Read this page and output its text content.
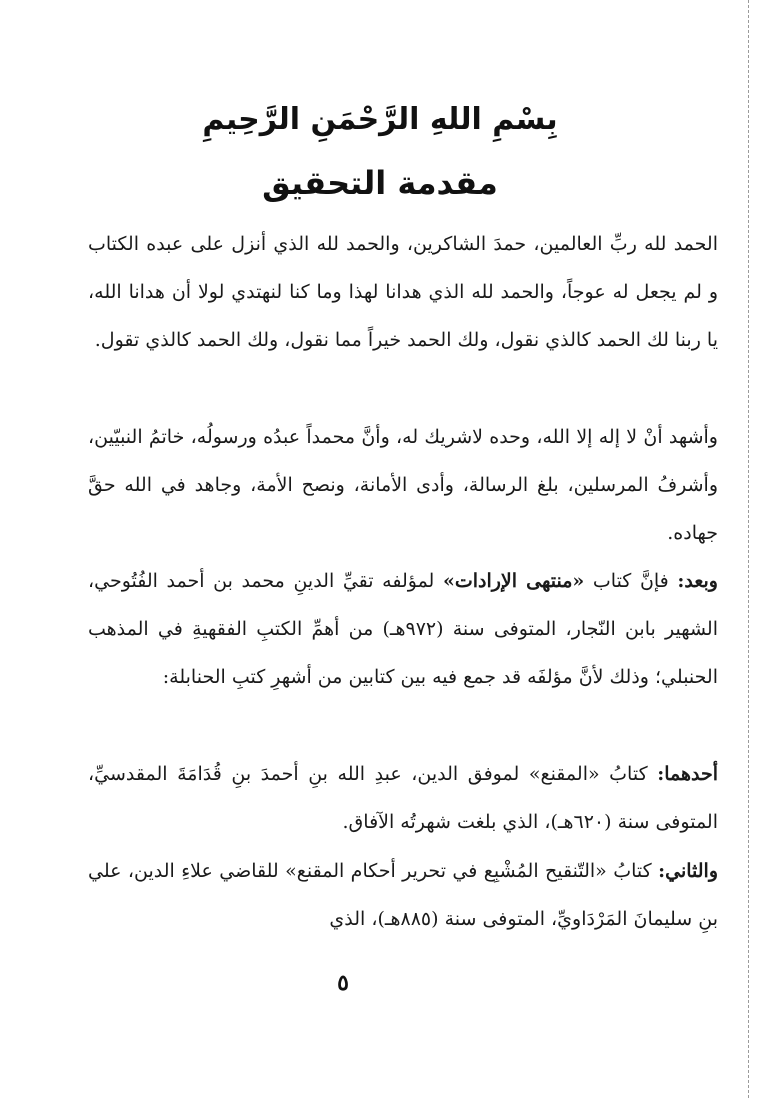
بِسْمِ اللهِ الرَّحْمَنِ الرَّحِيمِ
مقدمة التحقيق

الحمد لله ربِّ العالمين، حمدَ الشاكرين، والحمد لله الذي أنزل على عبده الكتاب و لم يجعل له عوجاً، والحمد لله الذي هدانا لهذا وما كنا لنهتدي لولا أن هدانا الله، يا ربنا لك الحمد كالذي نقول، ولك الحمد خيراً مما نقول، ولك الحمد كالذي تقول.

وأشهد أنْ لا إله إلا الله، وحده لاشريك له، وأنَّ محمداً عبدُه ورسولُه، خاتمُ النبيّين، وأشرفُ المرسلين، بلغ الرسالة، وأدى الأمانة، ونصح الأمة، وجاهد في الله حقَّ جهاده.

وبعد: فإنَّ كتاب «منتهى الإرادات» لمؤلفه تقيِّ الدينِ محمد بن أحمد الفُتُوحي، الشهير بابن النّجار، المتوفى سنة (٩٧٢هـ) من أهمِّ الكتبِ الفقهيةِ في المذهب الحنبلي؛ وذلك لأنَّ مؤلفَه قد جمع فيه بين كتابين من أشهرِ كتبِ الحنابلة:

أحدهما: كتابُ «المقنع» لموفق الدين، عبدِ الله بنِ أحمدَ بنِ قُدَامَةَ المقدسيِّ، المتوفى سنة (٦٢٠هـ)، الذي بلغت شهرتُه الآفاق.

والثاني: كتابُ «التّنقيح المُشْبِع في تحرير أحكام المقنع» للقاضي علاءِ الدين، علي بنِ سليمانَ المَرْدَاويِّ، المتوفى سنة (٨٨٥هـ)، الذي

٥
